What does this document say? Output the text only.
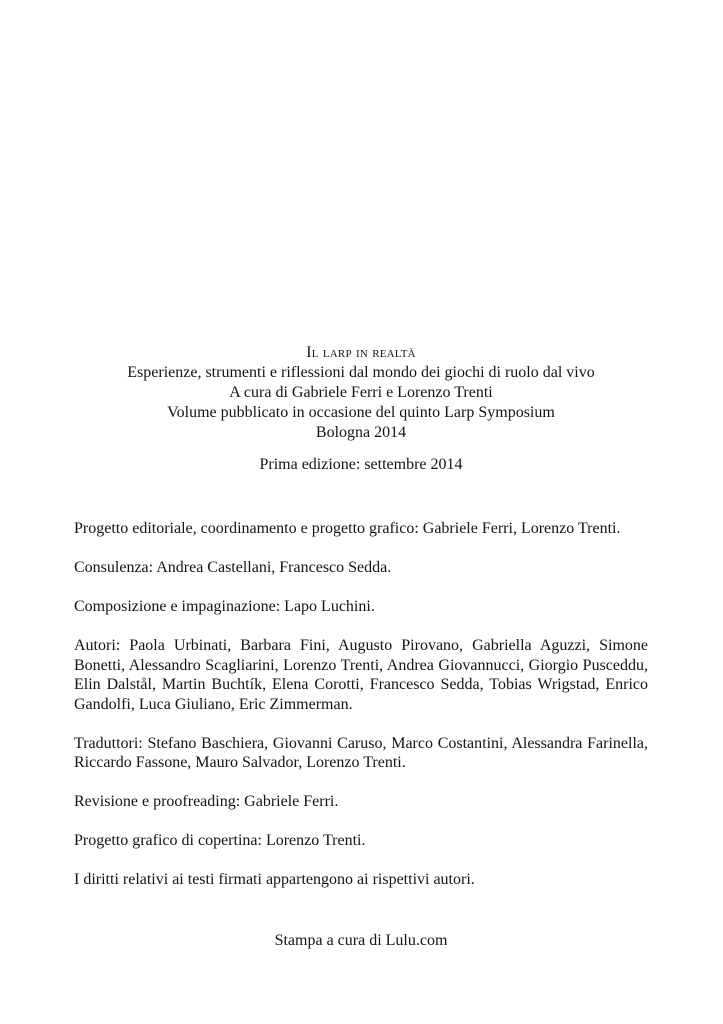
Il larp in realtà
Esperienze, strumenti e riflessioni dal mondo dei giochi di ruolo dal vivo
A cura di Gabriele Ferri e Lorenzo Trenti
Volume pubblicato in occasione del quinto Larp Symposium
Bologna 2014
Prima edizione: settembre 2014

Progetto editoriale, coordinamento e progetto grafico: Gabriele Ferri, Lorenzo Trenti.

Consulenza: Andrea Castellani, Francesco Sedda.

Composizione e impaginazione: Lapo Luchini.

Autori: Paola Urbinati, Barbara Fini, Augusto Pirovano, Gabriella Aguzzi, Simone Bonetti, Alessandro Scagliarini, Lorenzo Trenti, Andrea Giovannucci, Giorgio Pusceddu, Elin Dalstål, Martin Buchtík, Elena Corotti, Francesco Sedda, Tobias Wrigstad, Enrico Gandolfi, Luca Giuliano, Eric Zimmerman.

Traduttori: Stefano Baschiera, Giovanni Caruso, Marco Costantini, Alessandra Farinella, Riccardo Fassone, Mauro Salvador, Lorenzo Trenti.

Revisione e proofreading: Gabriele Ferri.

Progetto grafico di copertina: Lorenzo Trenti.

I diritti relativi ai testi firmati appartengono ai rispettivi autori.

Stampa a cura di Lulu.com
